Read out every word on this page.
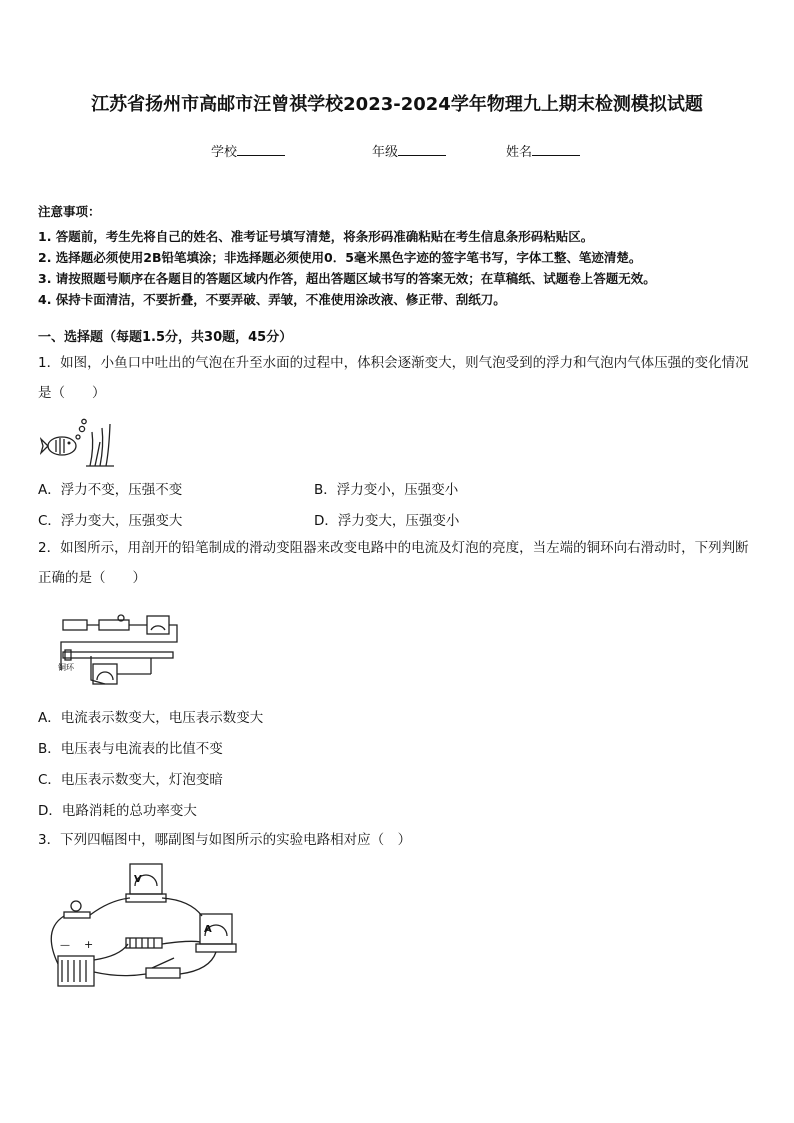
江苏省扬州市高邮市汪曾祺学校2023-2024学年物理九上期末检测模拟试题
学校	年级	姓名
注意事项：
1. 答题前，考生先将自己的姓名、准考证号填写清楚，将条形码准确粘贴在考生信息条形码粘贴区。
2. 选择题必须使用2B铅笔填涂；非选择题必须使用0．5毫米黑色字迹的签字笔书写，字体工整、笔迹清楚。
3. 请按照题号顺序在各题目的答题区域内作答，超出答题区域书写的答案无效；在草稿纸、试题卷上答题无效。
4. 保持卡面清洁，不要折叠，不要弄破、弄皱，不准使用涂改液、修正带、刮纸刀。
一、选择题（每题1.5分，共30题，45分）
1．如图，小鱼口中吐出的气泡在升至水面的过程中，体积会逐渐变大，则气泡受到的浮力和气泡内气体压强的变化情况是（　　）
A．浮力不变，压强不变	B．浮力变小，压强变小
C．浮力变大，压强变大	D．浮力变大，压强变小
2．如图所示，用剖开的铅笔制成的滑动变阻器来改变电路中的电流及灯泡的亮度，当左端的铜环向右滑动时，下列判断正确的是（　　）
铜环
A．电流表示数变大，电压表示数变大
B．电压表与电流表的比值不变
C．电压表示数变大，灯泡变暗
D．电路消耗的总功率变大
3．下列四幅图中，哪副图与如图所示的实验电路相对应（　）
V
A
— +
